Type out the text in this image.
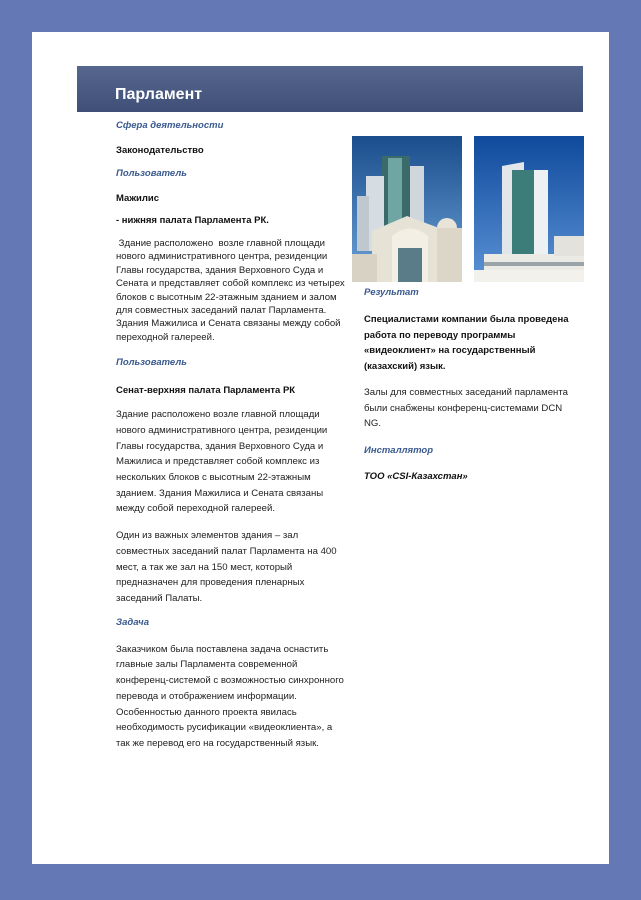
Парламент

Сфера деятельности

Законодательство

Пользователь

Мажилис

- нижняя палата Парламента РК.

Здание расположено  возле главной площади нового административного центра, резиденции Главы государства, здания Верховного Суда и Сената и представляет собой комплекс из четырех блоков с высотным 22-этажным зданием и залом для совместных заседаний палат Парламента. Здания Мажилиса и Сената связаны между собой переходной галереей.

Пользователь

Сенат-верхняя палата Парламента РК

Здание расположено возле главной площади нового административного центра, резиденции Главы государства, здания Верховного Суда и Мажилиса и представляет собой комплекс из нескольких блоков с высотным 22-этажным зданием. Здания Мажилиса и Сената связаны между собой переходной галереей.

Один из важных элементов здания – зал совместных заседаний палат Парламента на 400 мест, а так же зал на 150 мест, который предназначен для проведения пленарных заседаний Палаты.

Задача

Заказчиком была поставлена задача оснастить главные залы Парламента современной конференц-системой с возможностью синхронного перевода и отображением информации. Особенностью данного проекта явилась необходимость русификации «видеоклиента», а так же перевод его на государственный язык.

Результат

Специалистами компании была проведена работа по переводу программы «видеоклиент» на государственный (казахский) язык.

Залы для совместных заседаний парламента были снабжены конференц-системами DCN NG.

Инсталлятор

ТОО «CSI-Казахстан»
